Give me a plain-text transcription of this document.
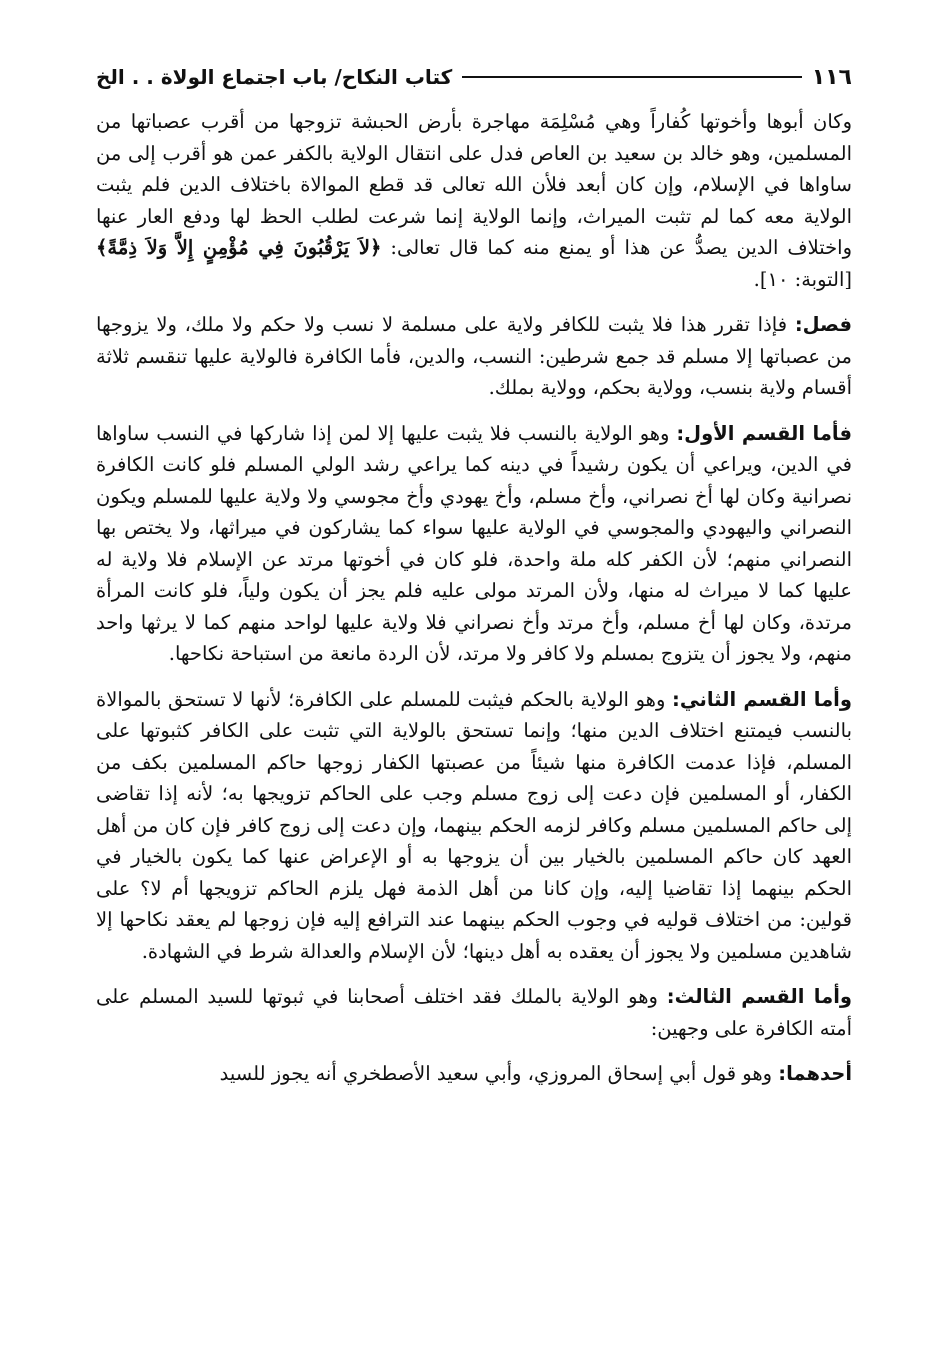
١١٦
كتاب النكاح/ باب اجتماع الولاة . . الخ

وكان أبوها وأخوتها كُفاراً وهي مُسْلِمَة مهاجرة بأرض الحبشة تزوجها من أقرب عصباتها من المسلمين، وهو خالد بن سعيد بن العاص فدل على انتقال الولاية بالكفر عمن هو أقرب إلى من ساواها في الإسلام، وإن كان أبعد فلأن الله تعالى قد قطع الموالاة باختلاف الدين فلم يثبت الولاية معه كما لم تثبت الميراث، وإنما الولاية إنما شرعت لطلب الحظ لها ودفع العار عنها واختلاف الدين يصدُّ عن هذا أو يمنع منه كما قال تعالى: ﴿لاَ يَرْقُبُونَ فِي مُؤْمِنٍ إِلاَّ وَلاَ ذِمَّةً﴾ [التوبة: ١٠].

فصل: فإذا تقرر هذا فلا يثبت للكافر ولاية على مسلمة لا نسب ولا حكم ولا ملك، ولا يزوجها من عصباتها إلا مسلم قد جمع شرطين: النسب، والدين، فأما الكافرة فالولاية عليها تنقسم ثلاثة أقسام ولاية بنسب، وولاية بحكم، وولاية بملك.

فأما القسم الأول: وهو الولاية بالنسب فلا يثبت عليها إلا لمن إذا شاركها في النسب ساواها في الدين، ويراعي أن يكون رشيداً في دينه كما يراعي رشد الولي المسلم فلو كانت الكافرة نصرانية وكان لها أخ نصراني، وأخ مسلم، وأخ يهودي وأخ مجوسي ولا ولاية عليها للمسلم ويكون النصراني واليهودي والمجوسي في الولاية عليها سواء كما يشاركون في ميراثها، ولا يختص بها النصراني منهم؛ لأن الكفر كله ملة واحدة، فلو كان في أخوتها مرتد عن الإسلام فلا ولاية له عليها كما لا ميراث له منها، ولأن المرتد مولى عليه فلم يجز أن يكون ولياً، فلو كانت المرأة مرتدة، وكان لها أخ مسلم، وأخ مرتد وأخ نصراني فلا ولاية عليها لواحد منهم كما لا يرثها واحد منهم، ولا يجوز أن يتزوج بمسلم ولا كافر ولا مرتد، لأن الردة مانعة من استباحة نكاحها.

وأما القسم الثاني: وهو الولاية بالحكم فيثبت للمسلم على الكافرة؛ لأنها لا تستحق بالموالاة بالنسب فيمتنع اختلاف الدين منها؛ وإنما تستحق بالولاية التي تثبت على الكافر كثبوتها على المسلم، فإذا عدمت الكافرة منها شيئاً من عصبتها الكفار زوجها حاكم المسلمين بكف من الكفار، أو المسلمين فإن دعت إلى زوج مسلم وجب على الحاكم تزويجها به؛ لأنه إذا تقاضى إلى حاكم المسلمين مسلم وكافر لزمه الحكم بينهما، وإن دعت إلى زوج كافر فإن كان من أهل العهد كان حاكم المسلمين بالخيار بين أن يزوجها به أو الإعراض عنها كما يكون بالخيار في الحكم بينهما إذا تقاضيا إليه، وإن كانا من أهل الذمة فهل يلزم الحاكم تزويجها أم لا؟ على قولين: من اختلاف قوليه في وجوب الحكم بينهما عند الترافع إليه فإن زوجها لم يعقد نكاحها إلا شاهدين مسلمين ولا يجوز أن يعقده به أهل دينها؛ لأن الإسلام والعدالة شرط في الشهادة.

وأما القسم الثالث: وهو الولاية بالملك فقد اختلف أصحابنا في ثبوتها للسيد المسلم على أمته الكافرة على وجهين:

أحدهما: وهو قول أبي إسحاق المروزي، وأبي سعيد الأصطخري أنه يجوز للسيد
